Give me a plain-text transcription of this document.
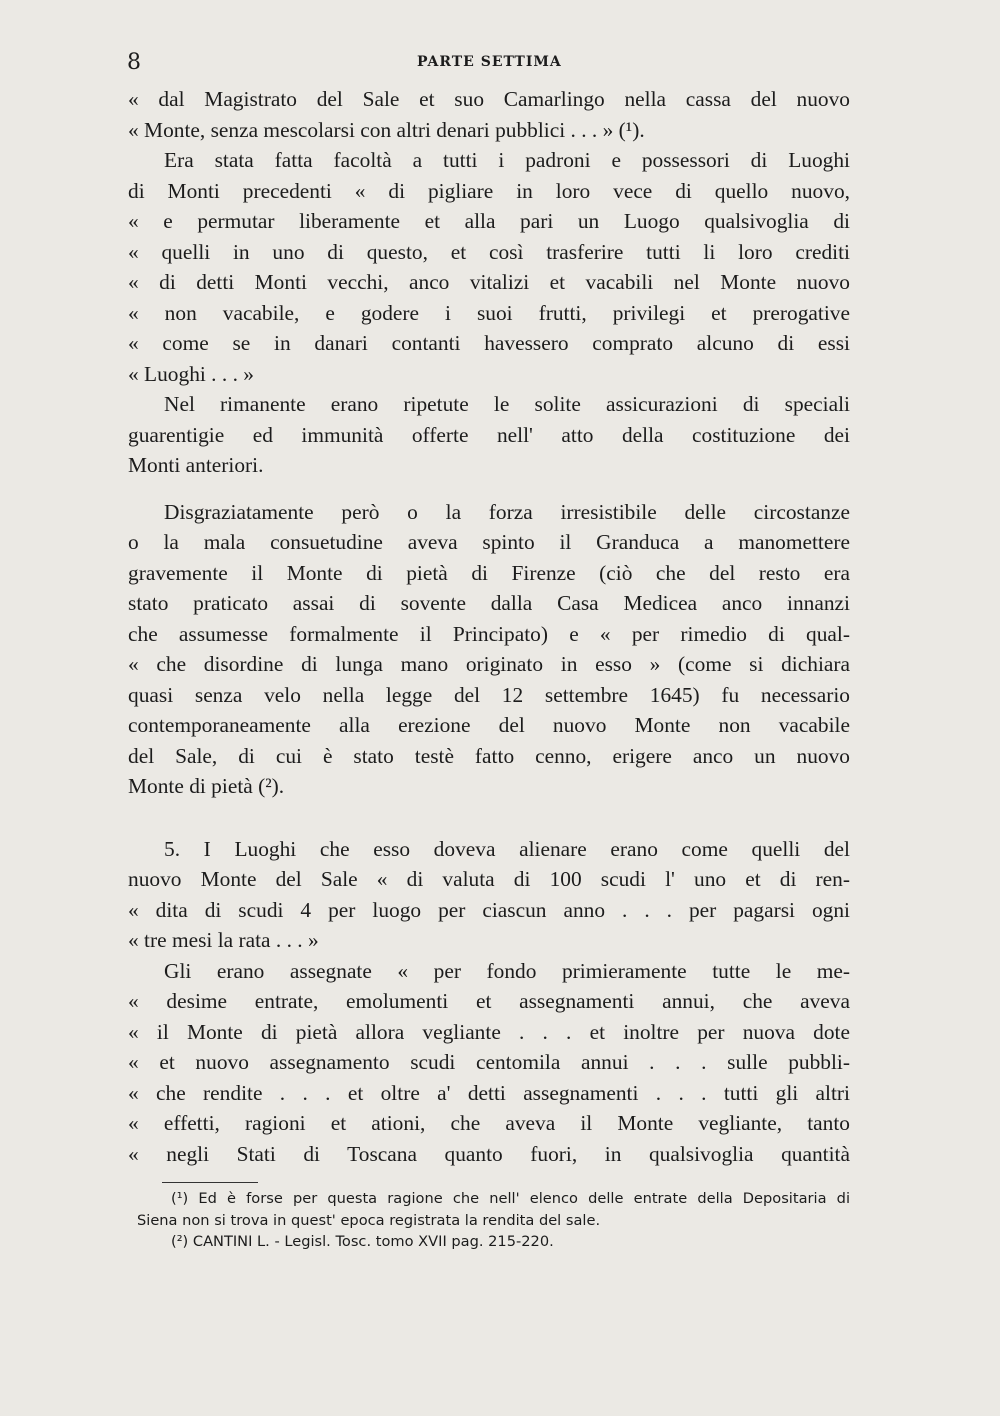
8	PARTE SETTIMA
« dal Magistrato del Sale et suo Camarlingo nella cassa del nuovo
« Monte, senza mescolarsi con altri denari pubblici . . . » (¹).
Era stata fatta facoltà a tutti i padroni e possessori di Luoghi
di Monti precedenti « di pigliare in loro vece di quello nuovo,
« e permutar liberamente et alla pari un Luogo qualsivoglia di
« quelli in uno di questo, et così trasferire tutti li loro crediti
« di detti Monti vecchi, anco vitalizi et vacabili nel Monte nuovo
« non vacabile, e godere i suoi frutti, privilegi et prerogative
« come se in danari contanti havessero comprato alcuno di essi
« Luoghi . . . »
Nel rimanente erano ripetute le solite assicurazioni di speciali
guarentigie ed immunità offerte nell' atto della costituzione dei
Monti anteriori.
Disgraziatamente però o la forza irresistibile delle circostanze
o la mala consuetudine aveva spinto il Granduca a manomettere
gravemente il Monte di pietà di Firenze (ciò che del resto era
stato praticato assai di sovente dalla Casa Medicea anco innanzi
che assumesse formalmente il Principato) e « per rimedio di qual-
« che disordine di lunga mano originato in esso » (come si dichiara
quasi senza velo nella legge del 12 settembre 1645) fu necessario
contemporaneamente alla erezione del nuovo Monte non vacabile
del Sale, di cui è stato testè fatto cenno, erigere anco un nuovo
Monte di pietà (²).
5. I Luoghi che esso doveva alienare erano come quelli del
nuovo Monte del Sale « di valuta di 100 scudi l' uno et di ren-
« dita di scudi 4 per luogo per ciascun anno . . . per pagarsi ogni
« tre mesi la rata . . . »
Gli erano assegnate « per fondo primieramente tutte le me-
« desime entrate, emolumenti et assegnamenti annui, che aveva
« il Monte di pietà allora vegliante . . . et inoltre per nuova dote
« et nuovo assegnamento scudi centomila annui . . . sulle pubbli-
« che rendite . . . et oltre a' detti assegnamenti . . . tutti gli altri
« effetti, ragioni et ationi, che aveva il Monte vegliante, tanto
« negli Stati di Toscana quanto fuori, in qualsivoglia quantità
(¹) Ed è forse per questa ragione che nell' elenco delle entrate della Depositaria di
Siena non si trova in quest' epoca registrata la rendita del sale.
(²) CANTINI L. - Legisl. Tosc. tomo XVII pag. 215-220.
